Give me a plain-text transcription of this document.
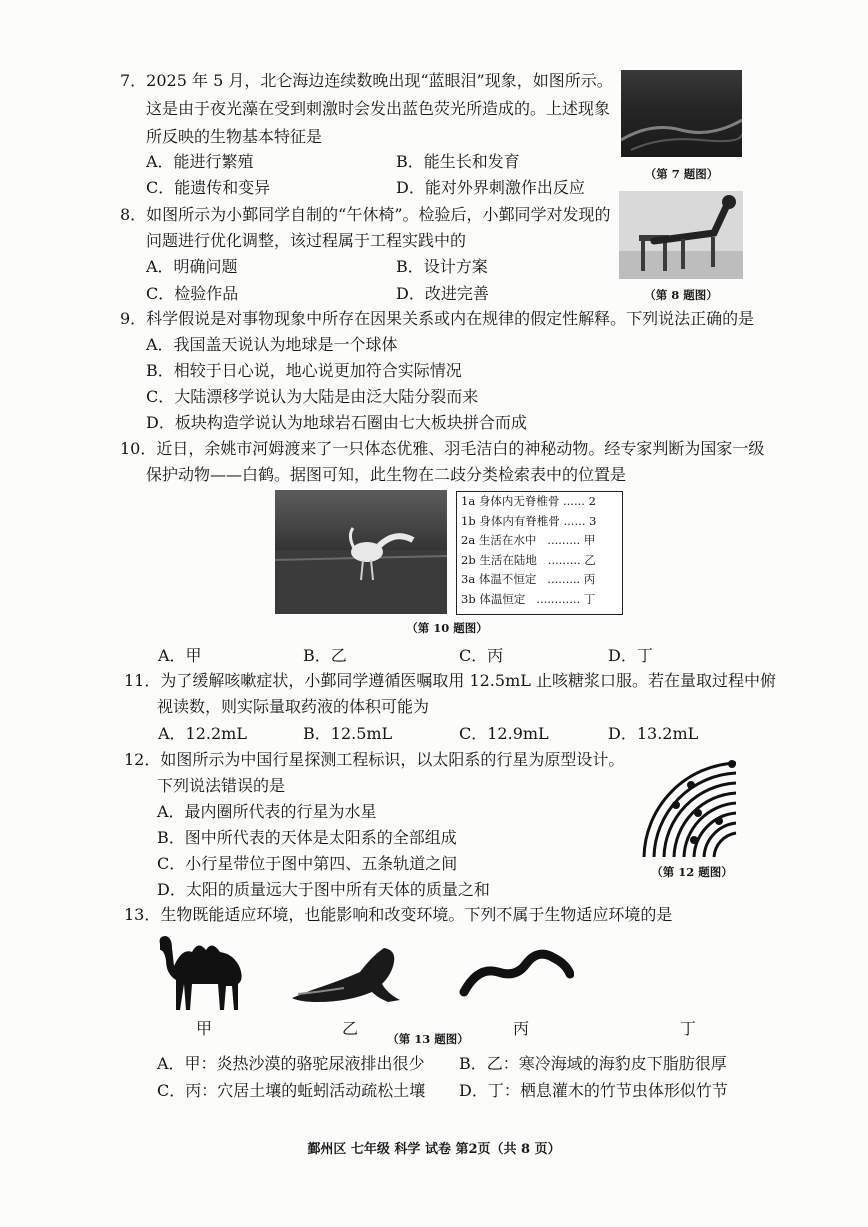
7．2025 年 5 月，北仑海边连续数晚出现“蓝眼泪”现象，如图所示。
这是由于夜光藻在受到刺激时会发出蓝色荧光所造成的。上述现象
所反映的生物基本特征是
A．能进行繁殖	B．能生长和发育
C．能遗传和变异	D．能对外界刺激作出反应
（第 7 题图）
8．如图所示为小鄞同学自制的“午休椅”。检验后，小鄞同学对发现的
问题进行优化调整，该过程属于工程实践中的
A．明确问题	B．设计方案
C．检验作品	D．改进完善	（第 8 题图）
9．科学假说是对事物现象中所存在因果关系或内在规律的假定性解释。下列说法正确的是
A．我国盖天说认为地球是一个球体
B．相较于日心说，地心说更加符合实际情况
C．大陆漂移学说认为大陆是由泛大陆分裂而来
D．板块构造学说认为地球岩石圈由七大板块拼合而成
10．近日，余姚市河姆渡来了一只体态优雅、羽毛洁白的神秘动物。经专家判断为国家一级
保护动物——白鹤。据图可知，此生物在二歧分类检索表中的位置是
1a 身体内无脊椎骨 ...... 2
1b 身体内有脊椎骨 ...... 3
2a 生活在水中   ......... 甲
2b 生活在陆地   ......... 乙
3a 体温不恒定   ......... 丙
3b 体温恒定   ............ 丁
（第 10 题图）
A．甲	B．乙	C．丙	D．丁
11．为了缓解咳嗽症状，小鄞同学遵循医嘱取用 12.5mL 止咳糖浆口服。若在量取过程中俯
视读数，则实际量取药液的体积可能为
A．12.2mL	B．12.5mL	C．12.9mL	D．13.2mL
12．如图所示为中国行星探测工程标识，以太阳系的行星为原型设计。
下列说法错误的是
A．最内圈所代表的行星为水星
B．图中所代表的天体是太阳系的全部组成
C．小行星带位于图中第四、五条轨道之间
D．太阳的质量远大于图中所有天体的质量之和
（第 12 题图）
13．生物既能适应环境，也能影响和改变环境。下列不属于生物适应环境的是
甲	乙	丙	丁
（第 13 题图）
A．甲：炎热沙漠的骆驼尿液排出很少 B．乙：寒冷海域的海豹皮下脂肪很厚
C．丙：穴居土壤的蚯蚓活动疏松土壤 D．丁：栖息灌木的竹节虫体形似竹节
鄞州区 七年级 科学 试卷 第2页（共 8 页）
